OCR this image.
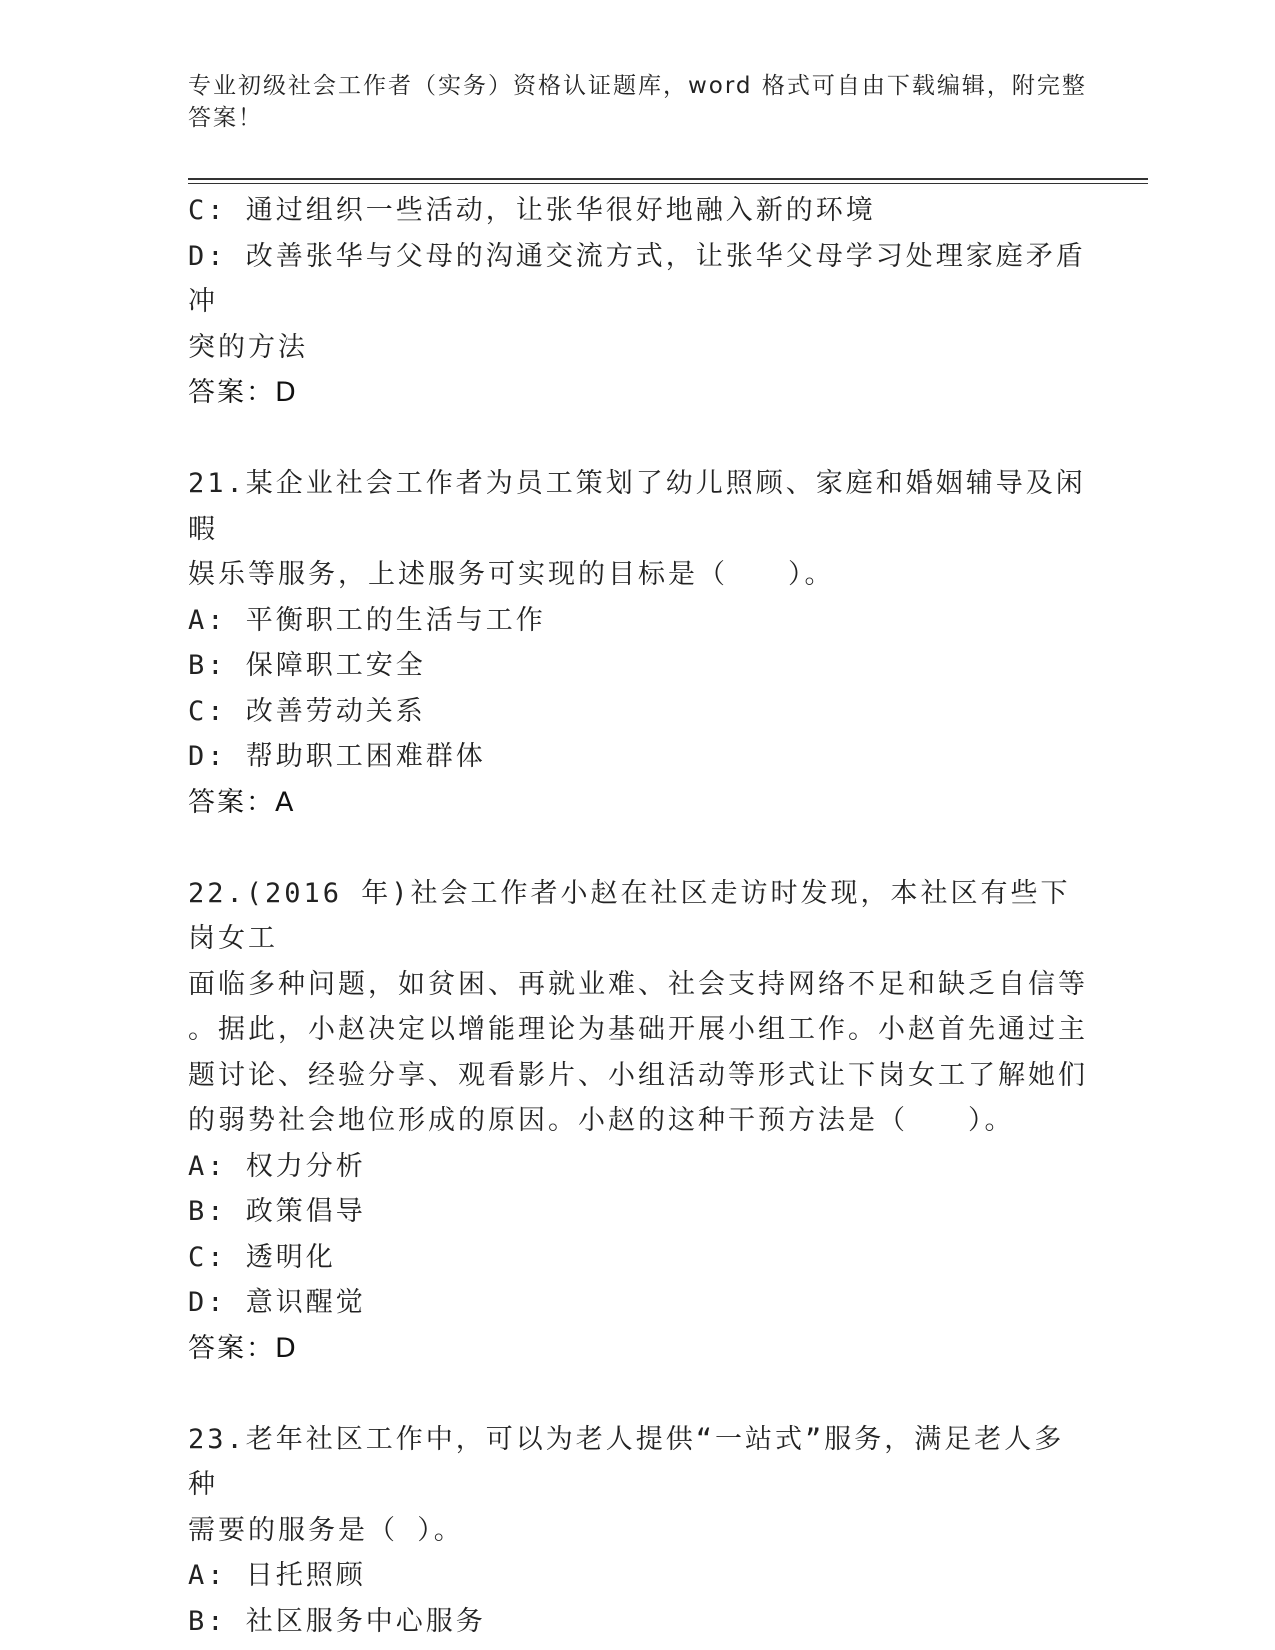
专业初级社会工作者（实务）资格认证题库，word 格式可自由下载编辑，附完整
答案！
C: 通过组织一些活动，让张华很好地融入新的环境
D: 改善张华与父母的沟通交流方式，让张华父母学习处理家庭矛盾冲
突的方法
答案：D
21.某企业社会工作者为员工策划了幼儿照顾、家庭和婚姻辅导及闲暇
娱乐等服务，上述服务可实现的目标是（　　）。
A: 平衡职工的生活与工作
B: 保障职工安全
C: 改善劳动关系
D: 帮助职工困难群体
答案：A
22.(2016 年)社会工作者小赵在社区走访时发现，本社区有些下岗女工
面临多种问题，如贫困、再就业难、社会支持网络不足和缺乏自信等
。据此，小赵决定以增能理论为基础开展小组工作。小赵首先通过主
题讨论、经验分享、观看影片、小组活动等形式让下岗女工了解她们
的弱势社会地位形成的原因。小赵的这种干预方法是（　　）。
A: 权力分析
B: 政策倡导
C: 透明化
D: 意识醒觉
答案：D
23.老年社区工作中，可以为老人提供“一站式”服务，满足老人多种
需要的服务是（ ）。
A: 日托照顾
B: 社区服务中心服务
